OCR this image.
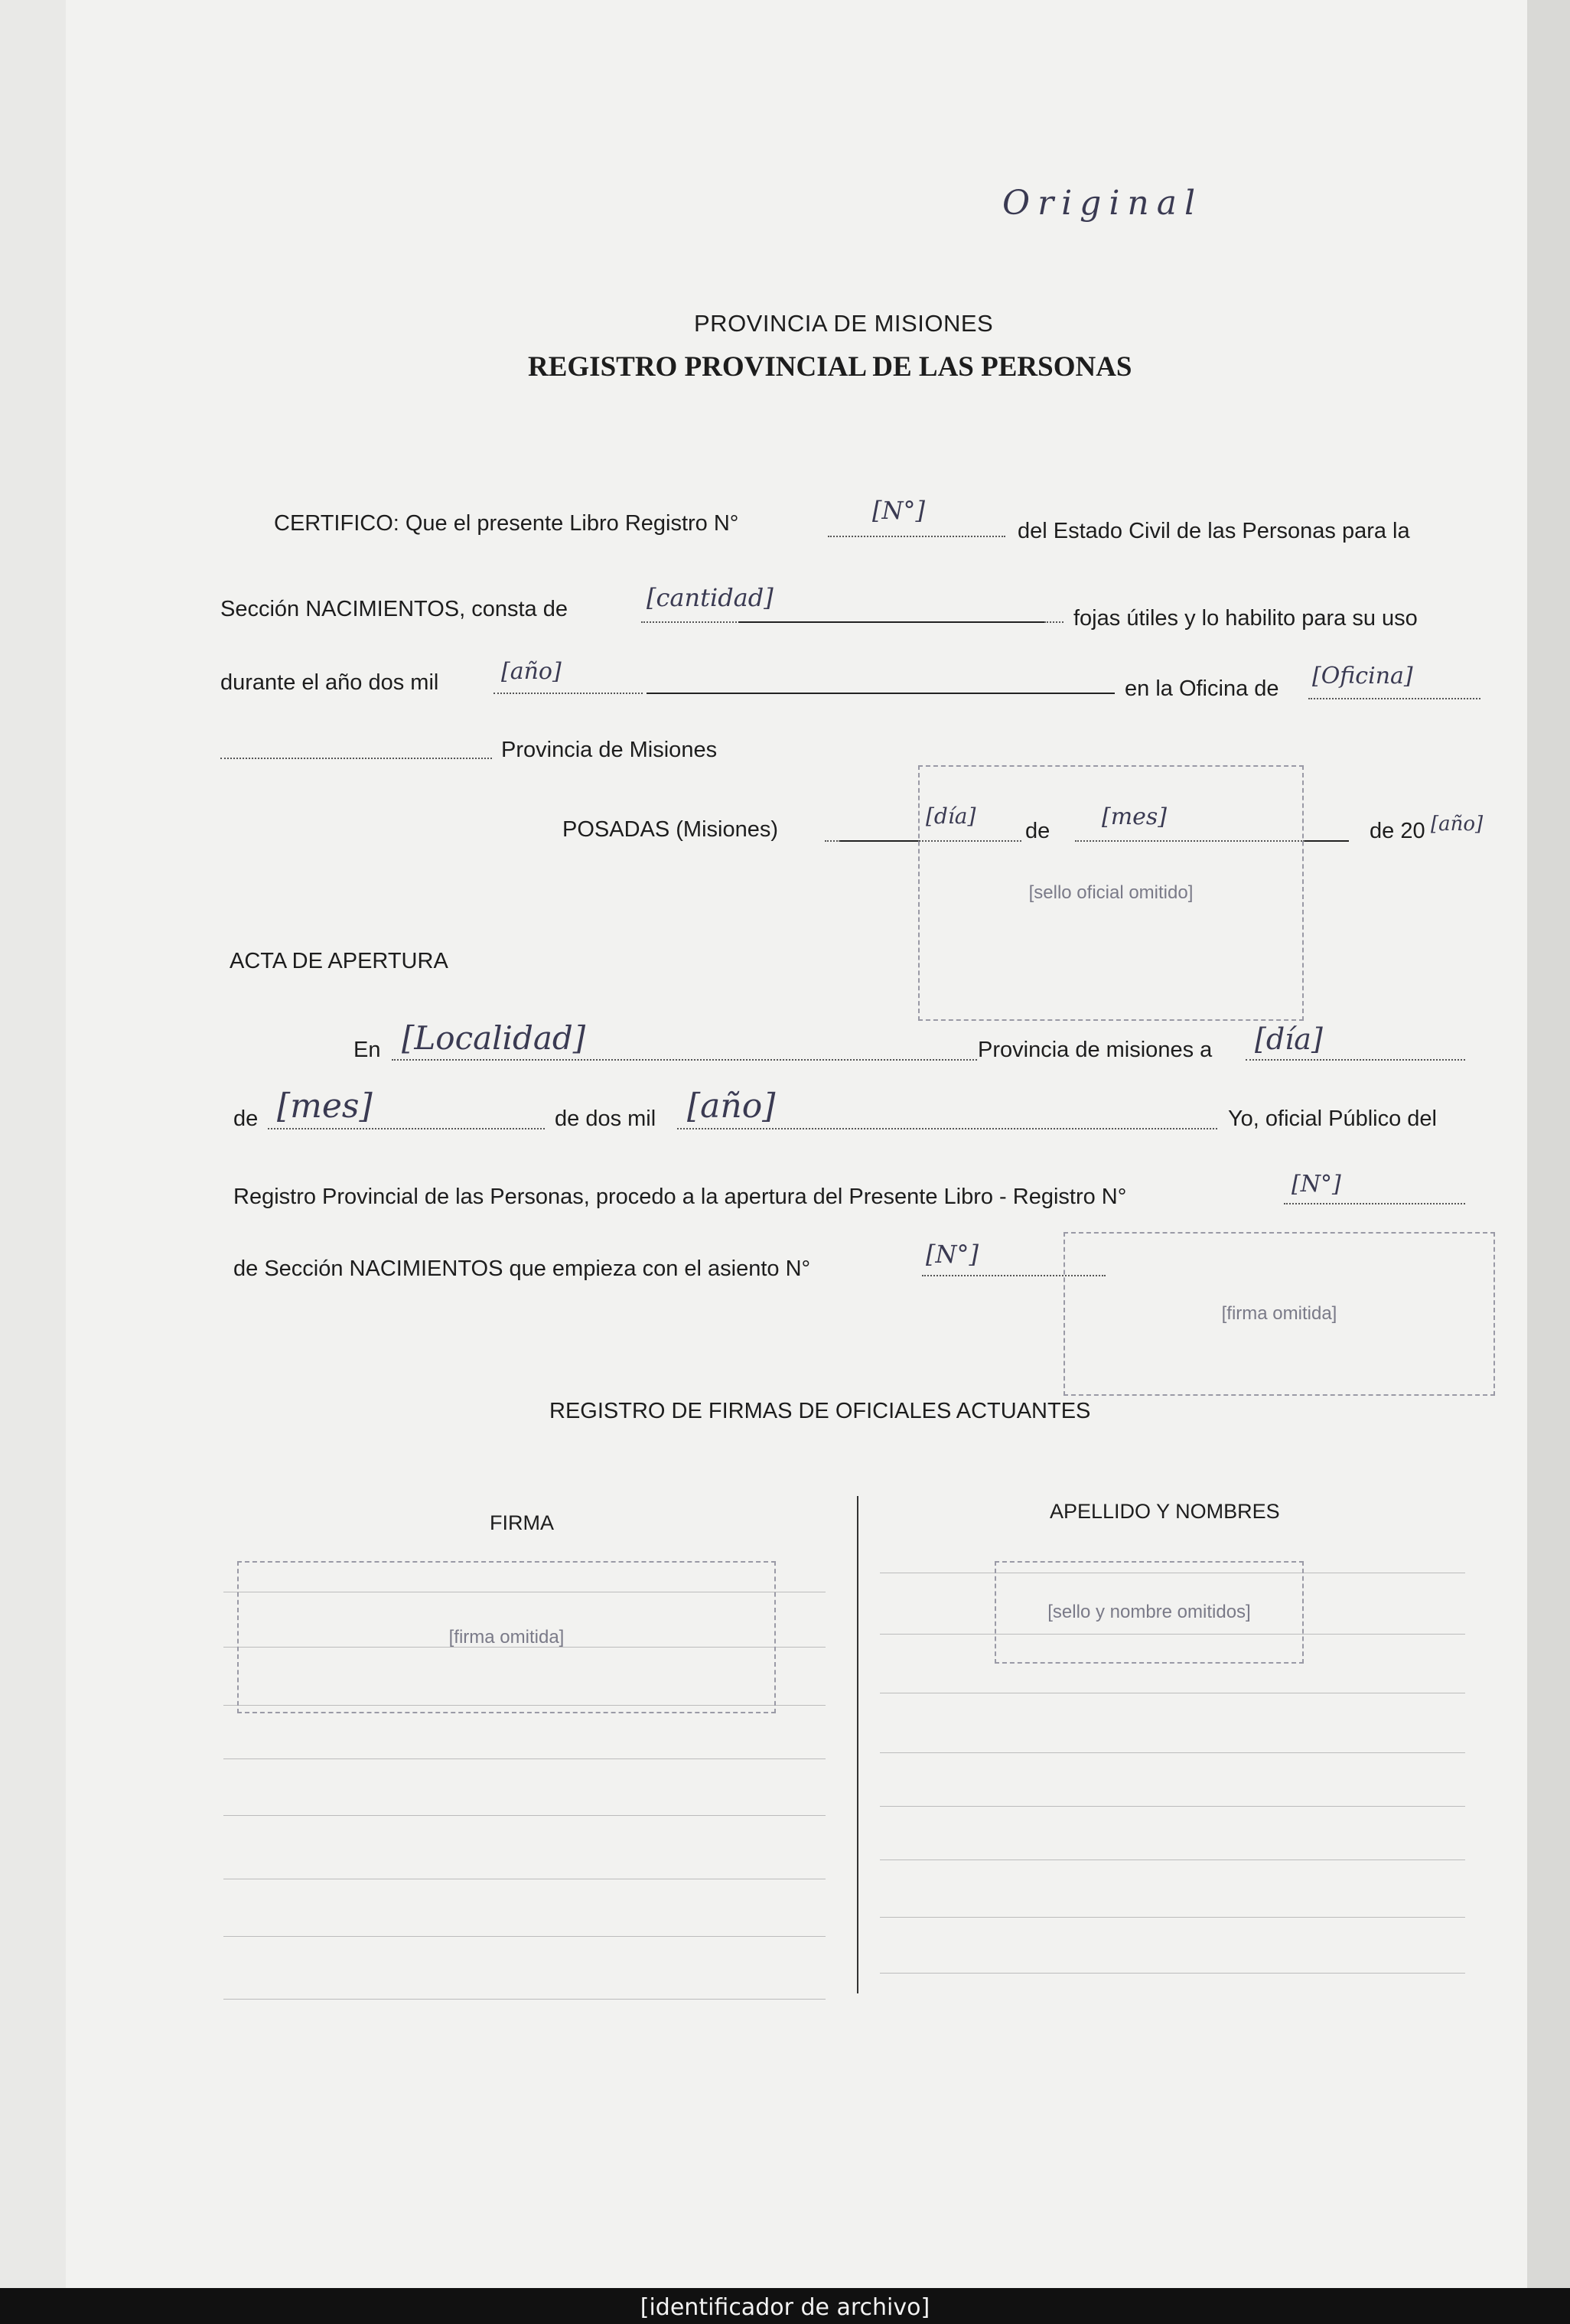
Original
PROVINCIA DE MISIONES
REGISTRO PROVINCIAL DE LAS PERSONAS
CERTIFICO: Que el presente Libro Registro N°	[N°]
del Estado Civil de las Personas para la
Sección NACIMIENTOS, consta de	[cantidad]
fojas útiles y lo habilito para su uso
durante el año dos mil	[año]
en la Oficina de [Oficina]
Provincia de Misiones
POSADAS (Misiones)
[día]
de
[mes]
de 20 [año]
[sello oficial omitido]
ACTA DE APERTURA
En [Localidad]	Provincia de misiones a [día]
de [mes]	de dos mil [año]	Yo, oficial Público del
Registro Provincial de las Personas, procedo a la apertura del Presente Libro - Registro N°	[N°]
de Sección NACIMIENTOS que empieza con el asiento N°	[N°]
[firma omitida]
REGISTRO DE FIRMAS DE OFICIALES ACTUANTES
FIRMA	APELLIDO Y NOMBRES
[firma omitida]
[sello y nombre omitidos]
[identificador de archivo]
